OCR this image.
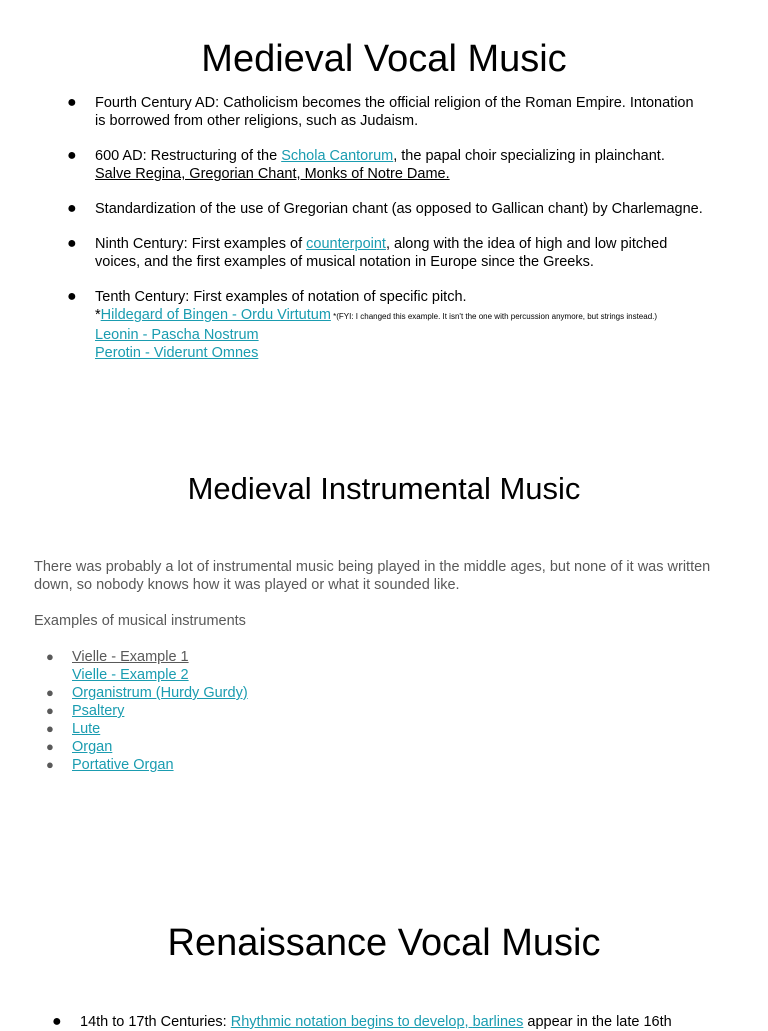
Medieval Vocal Music
● Fourth Century AD: Catholicism becomes the official religion of the Roman Empire. Intonation is borrowed from other religions, such as Judaism.
● 600 AD: Restructuring of the Schola Cantorum, the papal choir specializing in plainchant.
Salve Regina, Gregorian Chant, Monks of Notre Dame.
● Standardization of the use of Gregorian chant (as opposed to Gallican chant) by Charlemagne.
● Ninth Century: First examples of counterpoint, along with the idea of high and low pitched voices, and the first examples of musical notation in Europe since the Greeks.
● Tenth Century: First examples of notation of specific pitch.
*Hildegard of Bingen - Ordu Virtutum *(FYI: I changed this example. It isn't the one with percussion anymore, but strings instead.)
Leonin - Pascha Nostrum
Perotin - Viderunt Omnes
Medieval Instrumental Music

There was probably a lot of instrumental music being played in the middle ages, but none of it was written down, so nobody knows how it was played or what it sounded like.

Examples of musical instruments

● Vielle - Example 1
Vielle - Example 2
● Organistrum (Hurdy Gurdy)
● Psaltery
● Lute
● Organ
● Portative Organ
Renaissance Vocal Music
● 14th to 17th Centuries: Rhythmic notation begins to develop, barlines appear in the late 16th
